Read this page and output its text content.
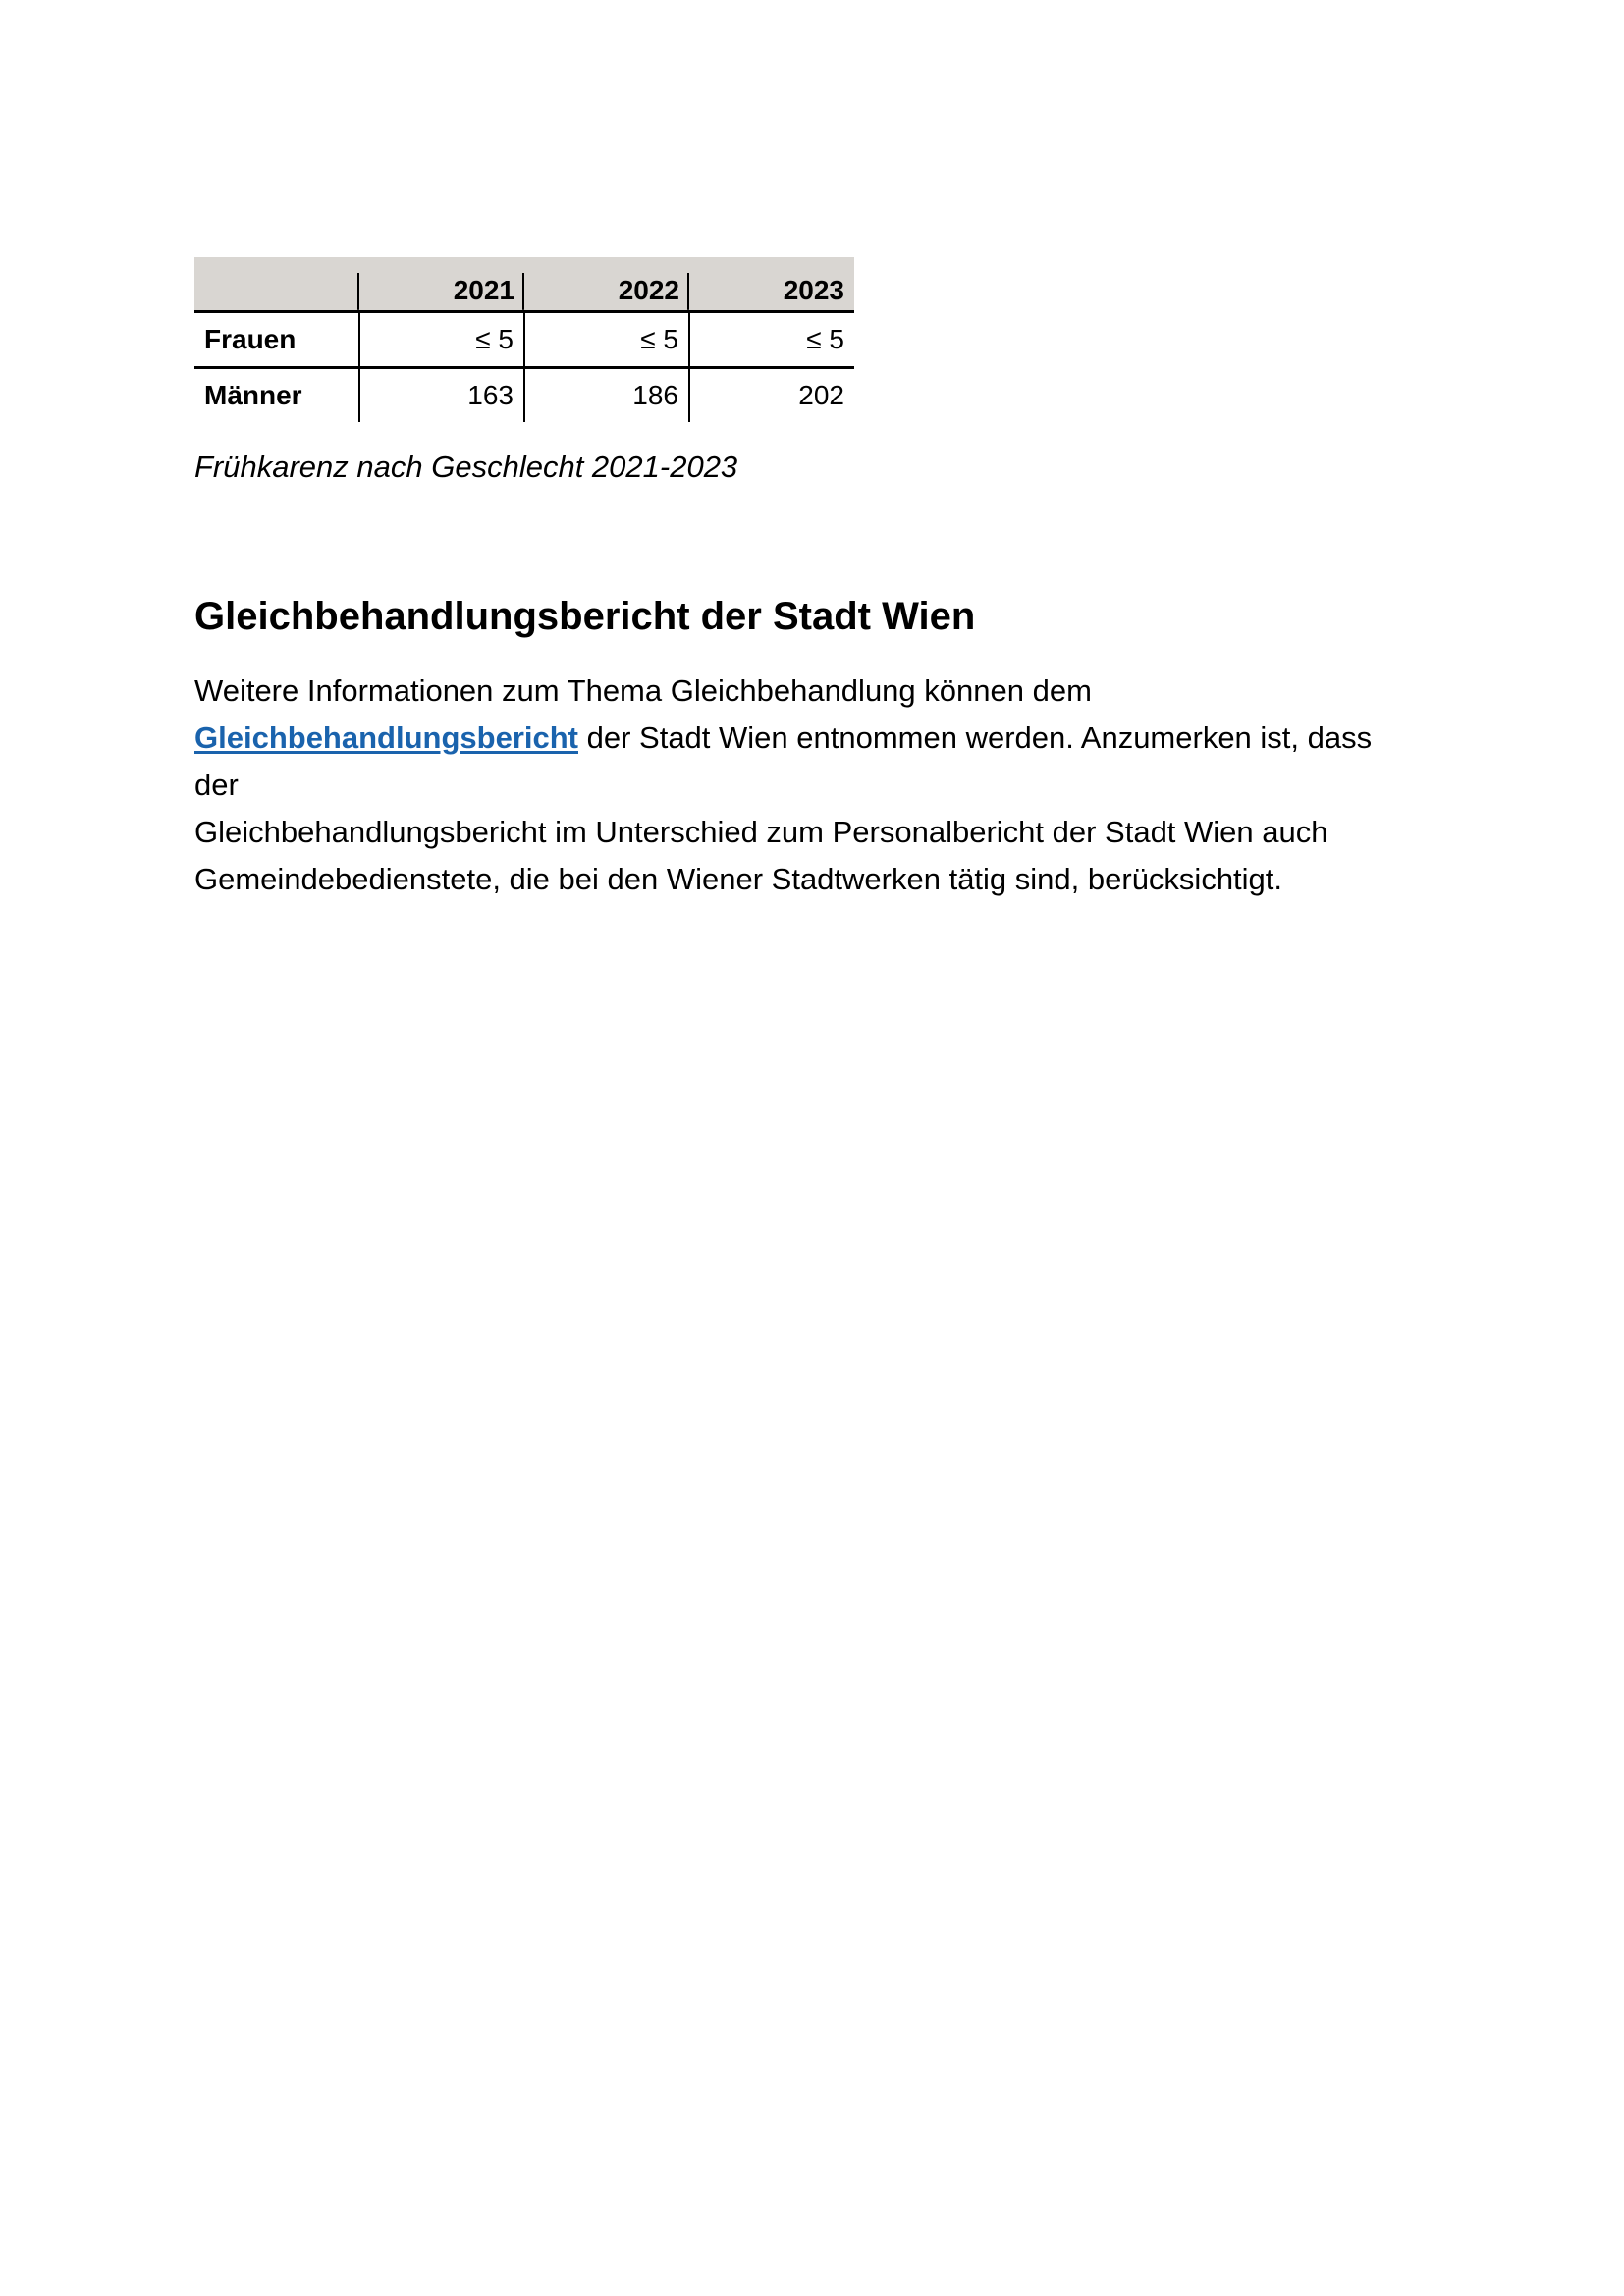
	2021	2022	2023
Frauen	≤ 5	≤ 5	≤ 5
Männer	163	186	202

Frühkarenz nach Geschlecht 2021-2023

Gleichbehandlungsbericht der Stadt Wien

Weitere Informationen zum Thema Gleichbehandlung können dem
Gleichbehandlungsbericht der Stadt Wien entnommen werden. Anzumerken ist, dass der
Gleichbehandlungsbericht im Unterschied zum Personalbericht der Stadt Wien auch
Gemeindebedienstete, die bei den Wiener Stadtwerken tätig sind, berücksichtigt.
